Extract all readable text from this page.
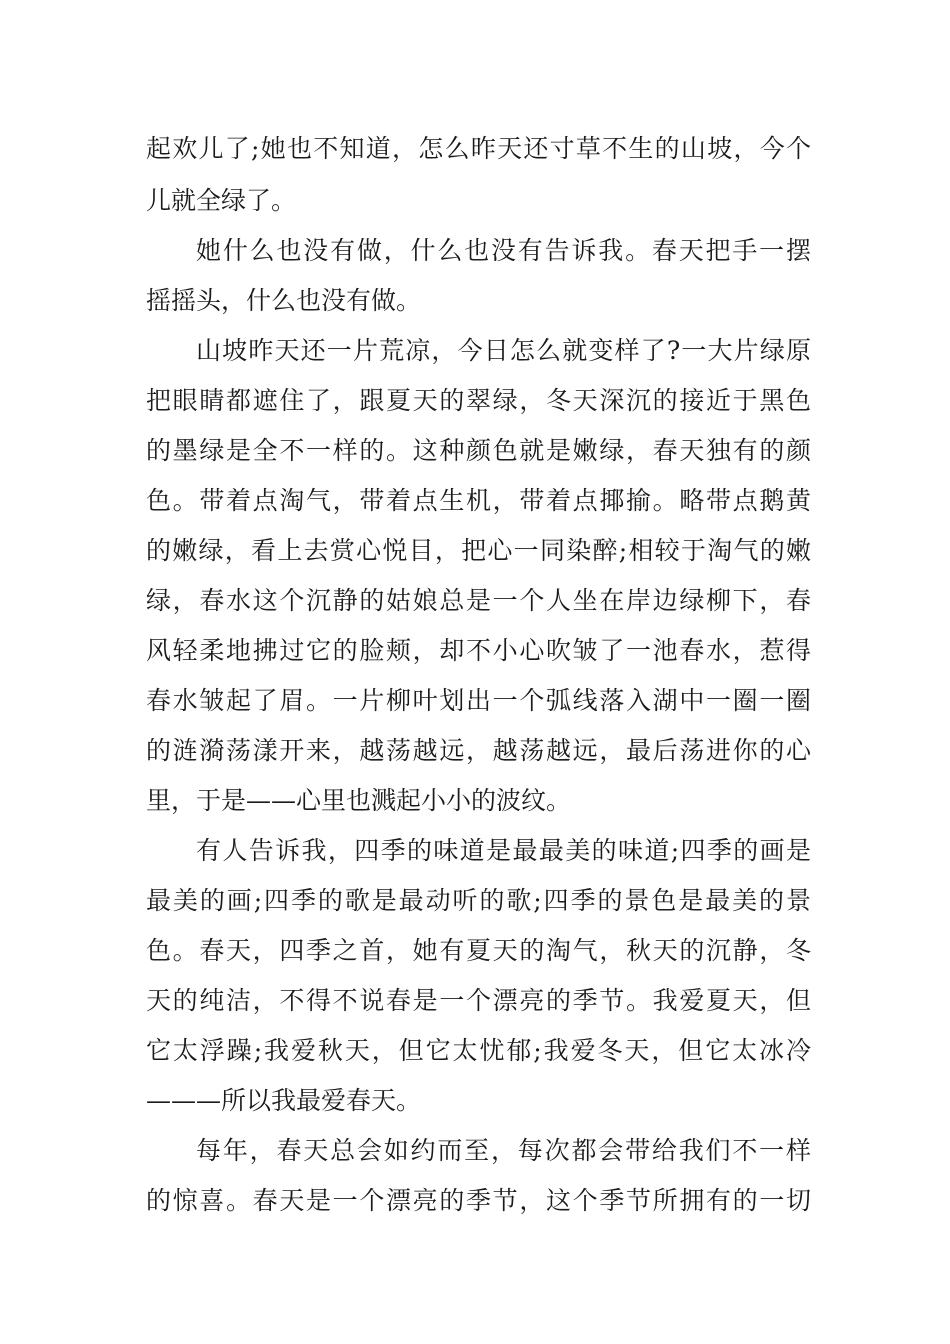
起欢儿了;她也不知道，怎么昨天还寸草不生的山坡，今个
儿就全绿了。
她什么也没有做，什么也没有告诉我。春天把手一摆
摇摇头，什么也没有做。
山坡昨天还一片荒凉，今日怎么就变样了?一大片绿原
把眼睛都遮住了，跟夏天的翠绿，冬天深沉的接近于黑色
的墨绿是全不一样的。这种颜色就是嫩绿，春天独有的颜
色。带着点淘气，带着点生机，带着点揶揄。略带点鹅黄
的嫩绿，看上去赏心悦目，把心一同染醉;相较于淘气的嫩
绿，春水这个沉静的姑娘总是一个人坐在岸边绿柳下，春
风轻柔地拂过它的脸颊，却不小心吹皱了一池春水，惹得
春水皱起了眉。一片柳叶划出一个弧线落入湖中一圈一圈
的涟漪荡漾开来，越荡越远，越荡越远，最后荡进你的心
里，于是——心里也溅起小小的波纹。
有人告诉我，四季的味道是最最美的味道;四季的画是
最美的画;四季的歌是最动听的歌;四季的景色是最美的景
色。春天，四季之首，她有夏天的淘气，秋天的沉静，冬
天的纯洁，不得不说春是一个漂亮的季节。我爱夏天，但
它太浮躁;我爱秋天，但它太忧郁;我爱冬天，但它太冰冷
———所以我最爱春天。
每年，春天总会如约而至，每次都会带给我们不一样
的惊喜。春天是一个漂亮的季节，这个季节所拥有的一切
